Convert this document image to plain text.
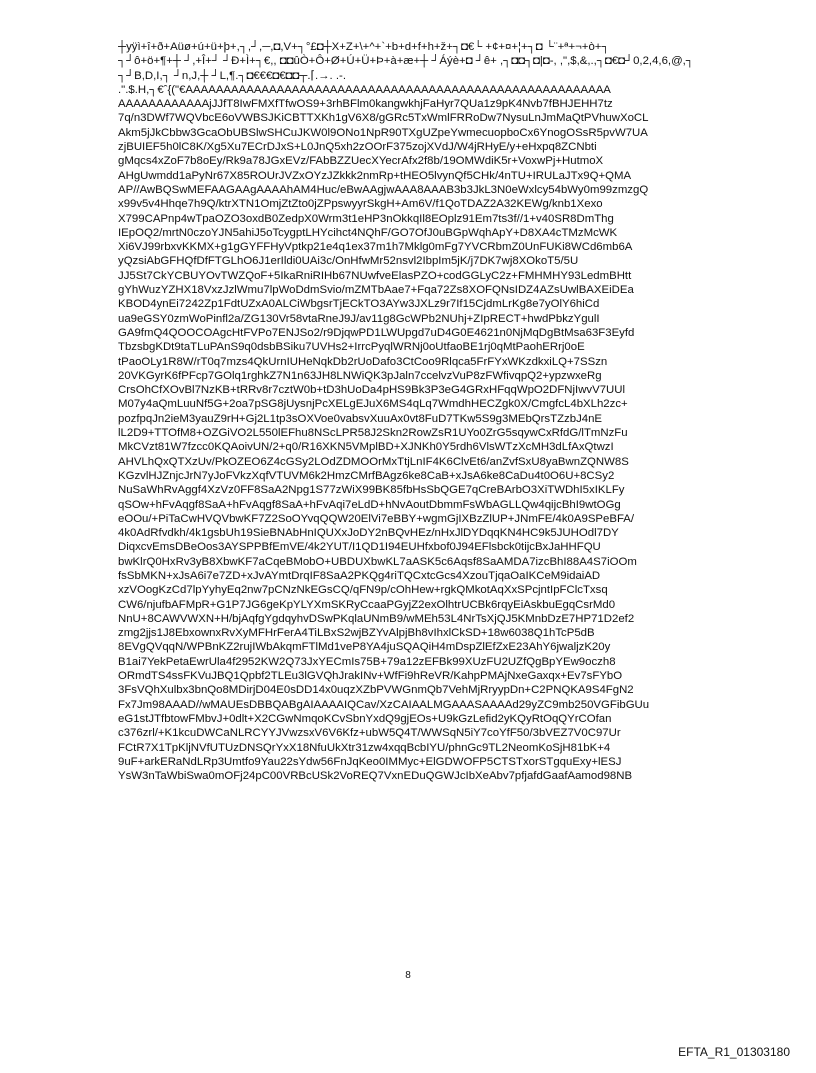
┼yÿì+î+ð+Aüø+ú+ü+þ+,┐,┘,─,◘,V+┐°£◘┼X+Z+\+^+`+b+d+f+h+ž+┐◘€└ +¢+¤+¦+┐◘ └¨+ª+¬+ò+┐
┐┘ô+ö+¶+┼ ┘,+Î+┘ ┘Ð+Ì+┐€,, ◘◘ûÒ+Ô+Ø+Ú+Ü+Þ+à+æ+┼ ┘Áýè+◘ ┘ê+ ,┐◘◘┐◘|◘-, ,",$,&,.,┐◘€◘┘0,2,4,6,@,┐
┐┘B,D,I,┐ ┘n,J,┼ ┘L,¶.┐◘€€€◘€◘◘┬.⌈.→. .-.
.".$.H,┐€ˆ{("€AAAAAAAAAAAAAAAAAAAAAAAAAAAAAAAAAAAAAAAAAAAAAAAAAAAAAAAA
AAAAAAAAAAAAjJJfT8IwFMXfTfwOS9+3rhBFlm0kangwkhjFaHyr7QUa1z9pK4Nvb7fBHJEHH7tz
7q/n3DWf7WQVbcE6oVWBSJKiCBTTXKh1gV6X8/gGRc5TxWmlFRRoDw7NysuLnJmMaQtPVhuwXoCL
Akm5jJkCbbw3GcaObUBSlwSHCuJKW0l9ONo1NpR90TXgUZpeYwmecuopboCx6YnogOSsR5pvW7UA
zjBUIEF5h0lC8K/Xg5Xu7ECrDJxS+L0JnQ5xh2zOOrF375zojXVdJ/W4jRHyE/y+eHxpq8ZCNbti
gMqcs4xZoF7b8oEy/Rk9a78JGxEVz/FAbBZZUecXYecrAfx2f8b/19OMWdiK5r+VoxwPj+HutmoX
AHgUwmdd1aPyNr67X85ROUrJVZxOYzJZkkk2nmRp+tHEO5lvynQf5CHk/4nTU+IRULaJTx9Q+QMA
AP//AwBQSwMEFAAGAAgAAAAhAM4Huc/eBwAAgjwAAA8AAAB3b3JkL3N0eWxlcy54bWy0m99zmzgQ
x99v5v4Hhqe7h9Q/ktrXTN1OmjZtZto0jZPpswyyrSkgH+Am6V/f1QoTDAZ2A32KEWg/knb1Xexo
X799CAPnp4wTpaOZO3oxdB0ZedpX0Wrm3t1eHP3nOkkqIl8EOplz91Em7ts3f//1+v40SR8DmThg
IEpOQ2/mrtN0czoYJN5ahiJ5oTcygptLHYcihct4NQhF/GO7OfJ0uBGpWqhApY+D8XA4cTMzMcWK
Xi6VJ99rbxvKKMX+g1gGYFFHyVptkp21e4q1ex37m1h7Mklg0mFg7YVCRbmZ0UnFUKi8WCd6mb6A
yQzsiAbGFHQfDfFTGLhO6J1erIldi0UAi3c/OnHfwMr52nsvl2IbpIm5jK/j7DK7wj8XOkoT5/5U
JJ5St7CkYCBUYOvTWZQoF+5IkaRniRIHb67NUwfveElasPZO+codGGLyC2z+FMHMHY93LedmBHtt
gYhWuzYZHX18VxzJzlWmu7lpWoDdmSvio/mZMTbAae7+Fqa72Zs8XOFQNsIDZ4AZsUwlBAXEiDEa
KBOD4ynEi7242Zp1FdtUZxA0ALCiWbgsrTjECkTO3AYw3JXLz9r7If15CjdmLrKg8e7yOlY6hiCd
ua9eGSY0zmWoPinfl2a/ZG130Vr58vtaRneJ9J/av11g8GcWPb2NUhj+ZIpRECT+hwdPbkzYgulI
GA9fmQ4QOOCOAgcHtFVPo7ENJSo2/r9DjqwPD1LWUpgd7uD4G0E4621n0NjMqDgBtMsa63F3Eyfd
TbzsbgKDt9taTLuPAnS9q0dsbBSiku7UVHs2+IrrcPyqlWRNj0oUtfaoBE1rj0qMtPaohERrj0oE
tPaoOLy1R8W/rT0q7mzs4QkUrnIUHeNqkDb2rUoDafo3CtCoo9Rlqca5FrFYxWKzdkxiLQ+7SSzn
20VKGyrK6fPFcp7GOlq1rghkZ7N1n63JH8LNWiQK3pJaln7ccelvzVuP8zFWfivqpQ2+ypzwxeRg
CrsOhCfXOvBl7NzKB+tRRv8r7cztW0b+tD3hUoDa4pHS9Bk3P3eG4GRxHFqqWpO2DFNjIwvV7UUl
M07y4aQmLuuNf5G+2oa7pSG8jUysnjPcXELgEJuX6MS4qLq7WmdhHECZgk0X/CmgfcL4bXLh2zc+
pozfpqJn2ieM3yauZ9rH+Gj2L1tp3sOXVoe0vabsvXuuAx0vt8FuD7TKw5S9g3MEbQrsTZzbJ4nE
lL2D9+TTOfM8+OZGiVO2L550lEFhu8NScLPR58J2Skn2RowZsR1UYo0ZrG5sqywCxRfdG/lTmNzFu
MkCVzt81W7fzcc0KQAoivUN/2+q0/R16XKN5VMplBD+XJNKh0Y5rdh6VlsWTzXcMH3dLfAxQtwzI
AHVLhQxQTXzUv/PkOZEO6Z4cGSy2LOdZDMOOrMxTtjLnIF4K6ClvEt6/anZvfSxU8yaBwnZQNW8S
KGzvlHJZnjcJrN7yJoFVkzXqfVTUVM6k2HmzCMrfBAgz6ke8CaB+xJsA6ke8CaDu4t0O6U+8CSy2
NuSaWhRvAggf4XzVz0FF8SaA2Npg1S77zWiX99BK85fbHsSbQGE7qCreBArbO3XiTWDhI5xIKLFy
qSOw+hFvAqgf8SaA+hFvAqgf8SaA+hFvAqi7eLdD+hNvAoutDbmmFsWbAGLLQw4qijcBhI9wtOGg
eOOu/+PiTaCwHVQVbwKF7Z2SoOYvqQQW20ElVi7eBBY+wgmGjIXBzZlUP+JNmFE/4k0A9SPeBFA/
4k0AdRfvdkh/4k1gsbUh19SieBNAbHnIQUXxJoDY2nBQvHEz/nHxJlDYDqqKN4HC9k5JUHOdl7DY
DiqxcvEmsDBeOos3AYSPPBfEmVE/4k2YUT/I1QD1I94EUHfxbof0J94EFlsbck0tijcBxJaHHFQU
bwKlrQ0HxRv3yB8XbwKF7aCqeBMobO+UBDUXbwKL7aASK5c6Aqsf8SaAMDA7izcBhI88A4S7iOOm
fsSbMKN+xJsA6i7e7ZD+xJvAYmtDrqIF8SaA2PKQg4riTQCxtcGcs4XzouTjqaOaIKCeM9idaiAD
xzVOogKzCd7lpYyhyEq2nw7pCNzNkEGsCQ/qFN9p/cOhHew+rgkQMkotAqXxSPcjntIpFClcTxsq
CW6/njufbAFMpR+G1P7JG6geKpYLYXmSKRyCcaaPGyjZ2exOlhtrUCBk6rqyEiAskbuEgqCsrMd0
NnU+8CAWVWXN+H/bjAqfgYgdqyhvDSwPKqlaUNmB9/wMEh53L4NrTsXjQJ5KMnbDzE7HP71D2ef2
zmg2jjs1J8EbxownxRvXyMFHrFerA4TiLBxS2wjBZYvAlpjBh8vIhxlCkSD+18w6038Q1hTcP5dB
8EVgQVqqN/WPBnKZ2rujIWbAkqmFTlMd1veP8YA4juSQAQiH4mDspZlEfZxE23AhY6jwaljzK20y
B1ai7YekPetaEwrUla4f2952KW2Q73JxYECmIs75B+79a12zEFBk99XUzFU2UZfQgBpYEw9oczh8
ORmdTS4ssFKVuJBQ1Qpbf2TLEu3lGVQhJrakINv+WfFi9hReVR/KahpPMAjNxeGaxqx+Ev7sFYbO
3FsVQhXulbx3bnQo8MDirjD04E0sDD14x0uqzXZbPVWGnmQb7VehMjRryypDn+C2PNQKA9S4FgN2
Fx7Jm98AAAD//wMAUEsDBBQABgAIAAAAIQCav/XzCAIAALMGAAASAAAAd29yZC9mb250VGFibGUu
eG1stJTfbtowFMbvJ+0dlt+X2CGwNmqoKCvSbnYxdQ9gjEOs+U9kGzLefid2yKQyRtOqQYrCOfan
c376zrl/+K1kcuDWCaNLRCYYJVwzsxV6V6Kfz+ubW5Q4T/WWSqN5iY7coYfF50/3bVEZ7V0C97Ur
FCtR7X1TpKljNVfUTUzDNSQrYxX18NfuUkXtr31zw4xqqBcbIYU/phnGc9TL2NeomKoSjH81bK+4
9uF+arkERaNdLRp3Umtfo9Yau22sYdw56FnJqKeo0IMMyc+ElGDWOFP5CTSTxorSTgquExy+lESJ
YsW3nTaWbiSwa0mOFj24pC00VRBcUSk2VoREQ7VxnEDuQGWJcIbXeAbv7pfjafdGaafAamod98NB
8
EFTA_R1_01303180
